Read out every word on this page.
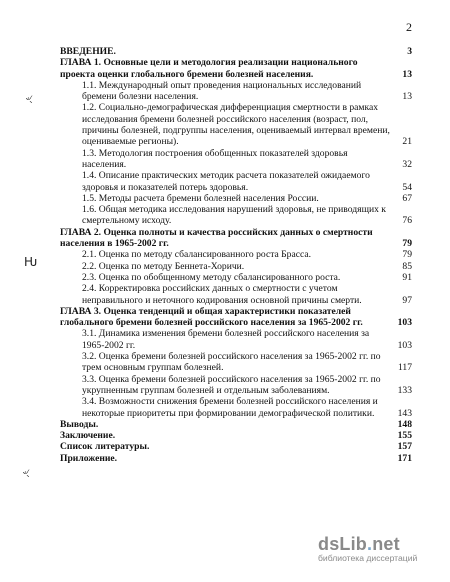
2
ৼ
Ƕ
ৼ
ВВЕДЕНИЕ.	3
ГЛАВА 1. Основные цели и методология реализации национального проекта оценки глобального бремени болезней населения.	13
1.1. Международный опыт проведения национальных исследований бремени болезни населения.	13
1.2. Социально-демографическая дифференциация смертности в рамках исследования бремени болезней российского населения (возраст, пол, причины болезней, подгруппы населения, оцениваемый интервал времени, оцениваемые регионы).	21
1.3. Методология построения обобщенных показателей здоровья населения.	32
1.4. Описание практических методик расчета показателей ожидаемого здоровья и показателей потерь здоровья.	54
1.5. Методы расчета бремени болезней населения России.	67
1.6. Общая методика исследования нарушений здоровья, не приводящих к смертельному исходу.	76
ГЛАВА 2. Оценка полноты и качества российских данных о смертности населения в 1965-2002 гг.	79
2.1. Оценка по методу сбалансированного роста Брасса.	79
2.2. Оценка по методу Беннета-Хоричи.	85
2.3. Оценка по обобщенному методу сбалансированного роста.	91
2.4. Корректировка российских данных о смертности с учетом неправильного и неточного кодирования основной причины смерти.	97
ГЛАВА 3. Оценка тенденций и общая характеристики показателей глобального бремени болезней российского населения за 1965-2002 гг.	103
3.1. Динамика изменения бремени болезней российского населения за 1965-2002 гг.	103
3.2. Оценка бремени болезней российского населения за 1965-2002 гг. по трем основным группам болезней.	117
3.3. Оценка бремени болезней российского населения за 1965-2002 гг. по укрупненным группам болезней и отдельным заболеваниям.	133
3.4. Возможности снижения бремени болезней российского населения и некоторые приоритеты при формировании демографической политики.	143
Выводы.	148
Заключение.	155
Список литературы.	157
Приложение.	171
dsLib.net
библиотека диссертаций
